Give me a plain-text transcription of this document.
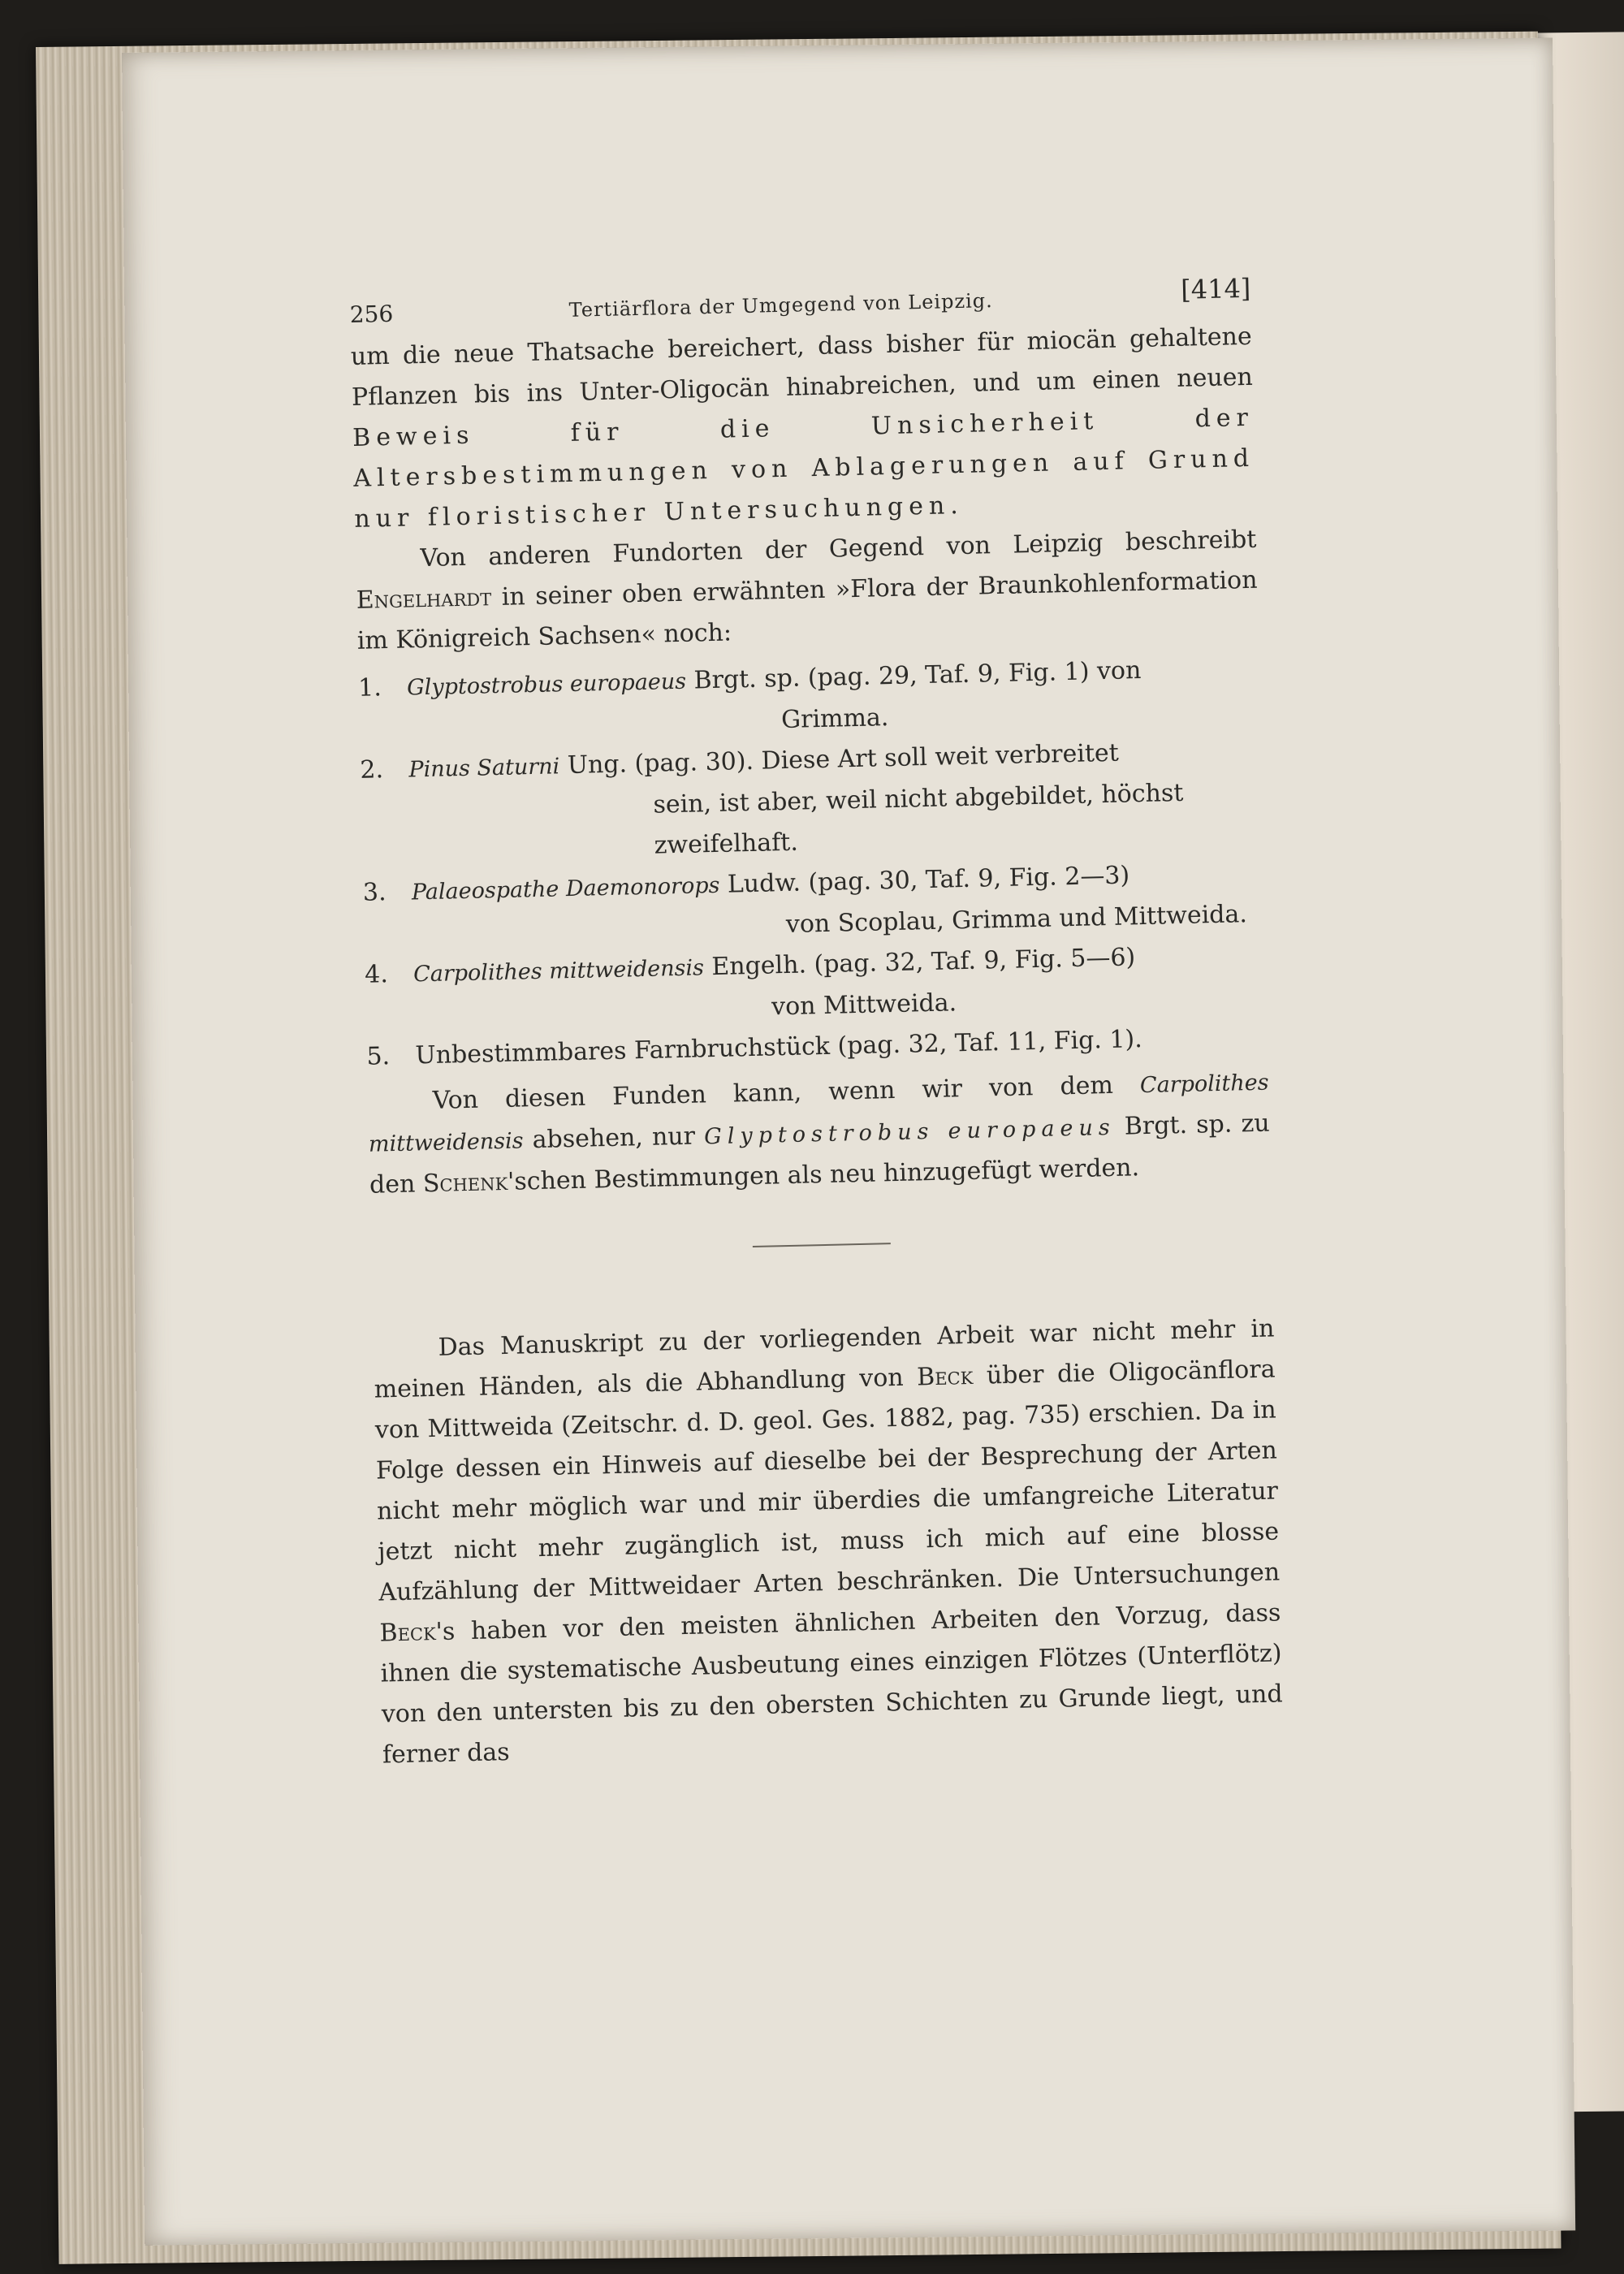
256	Tertiärflora der Umgegend von Leipzig.
[414]

um die neue Thatsache bereichert, dass bisher für miocän gehaltene Pflanzen bis ins Unter-Oligocän hinabreichen, und um einen neuen Beweis für die Unsicherheit der Altersbestimmungen von Ablagerungen auf Grund nur floristischer Untersuchungen.

Von anderen Fundorten der Gegend von Leipzig beschreibt Engelhardt in seiner oben erwähnten »Flora der Braunkohlenformation im Königreich Sachsen« noch:

1. Glyptostrobus europaeus Brgt. sp. (pag. 29, Taf. 9, Fig. 1) von
Grimma.
2. Pinus Saturni Ung. (pag. 30). Diese Art soll weit verbreitet
sein, ist aber, weil nicht abgebildet, höchst zweifelhaft.
3. Palaeospathe Daemonorops Ludw. (pag. 30, Taf. 9, Fig. 2—3)
von Scoplau, Grimma und Mittweida.
4. Carpolithes mittweidensis Engelh. (pag. 32, Taf. 9, Fig. 5—6)
von Mittweida.
5. Unbestimmbares Farnbruchstück (pag. 32, Taf. 11, Fig. 1).

Von diesen Funden kann, wenn wir von dem Carpolithes mittweidensis absehen, nur Glyptostrobus europaeus Brgt. sp. zu den Schenk'schen Bestimmungen als neu hinzugefügt werden.

Das Manuskript zu der vorliegenden Arbeit war nicht mehr in meinen Händen, als die Abhandlung von Beck über die Oligocänflora von Mittweida (Zeitschr. d. D. geol. Ges. 1882, pag. 735) erschien. Da in Folge dessen ein Hinweis auf dieselbe bei der Besprechung der Arten nicht mehr möglich war und mir überdies die umfangreiche Literatur jetzt nicht mehr zugänglich ist, muss ich mich auf eine blosse Aufzählung der Mittweidaer Arten beschränken. Die Untersuchungen Beck's haben vor den meisten ähnlichen Arbeiten den Vorzug, dass ihnen die systematische Ausbeutung eines einzigen Flötzes (Unterflötz) von den untersten bis zu den obersten Schichten zu Grunde liegt, und ferner das
